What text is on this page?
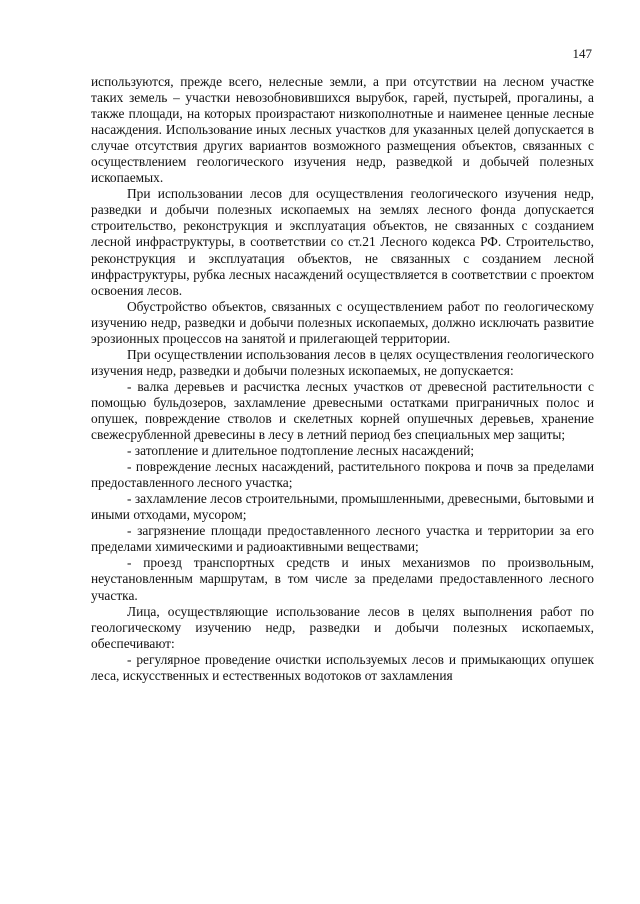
147

используются, прежде всего, нелесные земли, а при отсутствии на лесном участке таких земель – участки невозобновившихся вырубок, гарей, пустырей, прогалины, а также площади, на которых произрастают низкополнотные и наименее ценные лесные насаждения. Использование иных лесных участков для указанных целей допускается в случае отсутствия других вариантов возможного размещения объектов, связанных с осуществлением геологического изучения недр, разведкой и добычей полезных ископаемых.

При использовании лесов для осуществления геологического изучения недр, разведки и добычи полезных ископаемых на землях лесного фонда допускается строительство, реконструкция и эксплуатация объектов, не связанных с созданием лесной инфраструктуры, в соответствии со ст.21 Лесного кодекса РФ. Строительство, реконструкция и эксплуатация объектов, не связанных с созданием лесной инфраструктуры, рубка лесных насаждений осуществляется в соответствии с проектом освоения лесов.

Обустройство объектов, связанных с осуществлением работ по геологическому изучению недр, разведки и добычи полезных ископаемых, должно исключать развитие эрозионных процессов на занятой и прилегающей территории.

При осуществлении использования лесов в целях осуществления геологического изучения недр, разведки и добычи полезных ископаемых, не допускается:

- валка деревьев и расчистка лесных участков от древесной растительности с помощью бульдозеров, захламление древесными остатками приграничных полос и опушек, повреждение стволов и скелетных корней опушечных деревьев, хранение свежесрубленной древесины в лесу в летний период без специальных мер защиты;

- затопление и длительное подтопление лесных насаждений;

- повреждение лесных насаждений, растительного покрова и почв за пределами предоставленного лесного участка;

- захламление лесов строительными, промышленными, древесными, бытовыми и иными отходами, мусором;

- загрязнение площади предоставленного лесного участка и территории за его пределами химическими и радиоактивными веществами;

- проезд транспортных средств и иных механизмов по произвольным, неустановленным маршрутам, в том числе за пределами предоставленного лесного участка.

Лица, осуществляющие использование лесов в целях выполнения работ по геологическому изучению недр, разведки и добычи полезных ископаемых, обеспечивают:

- регулярное проведение очистки используемых лесов и примыкающих опушек леса, искусственных и естественных водотоков от захламления
